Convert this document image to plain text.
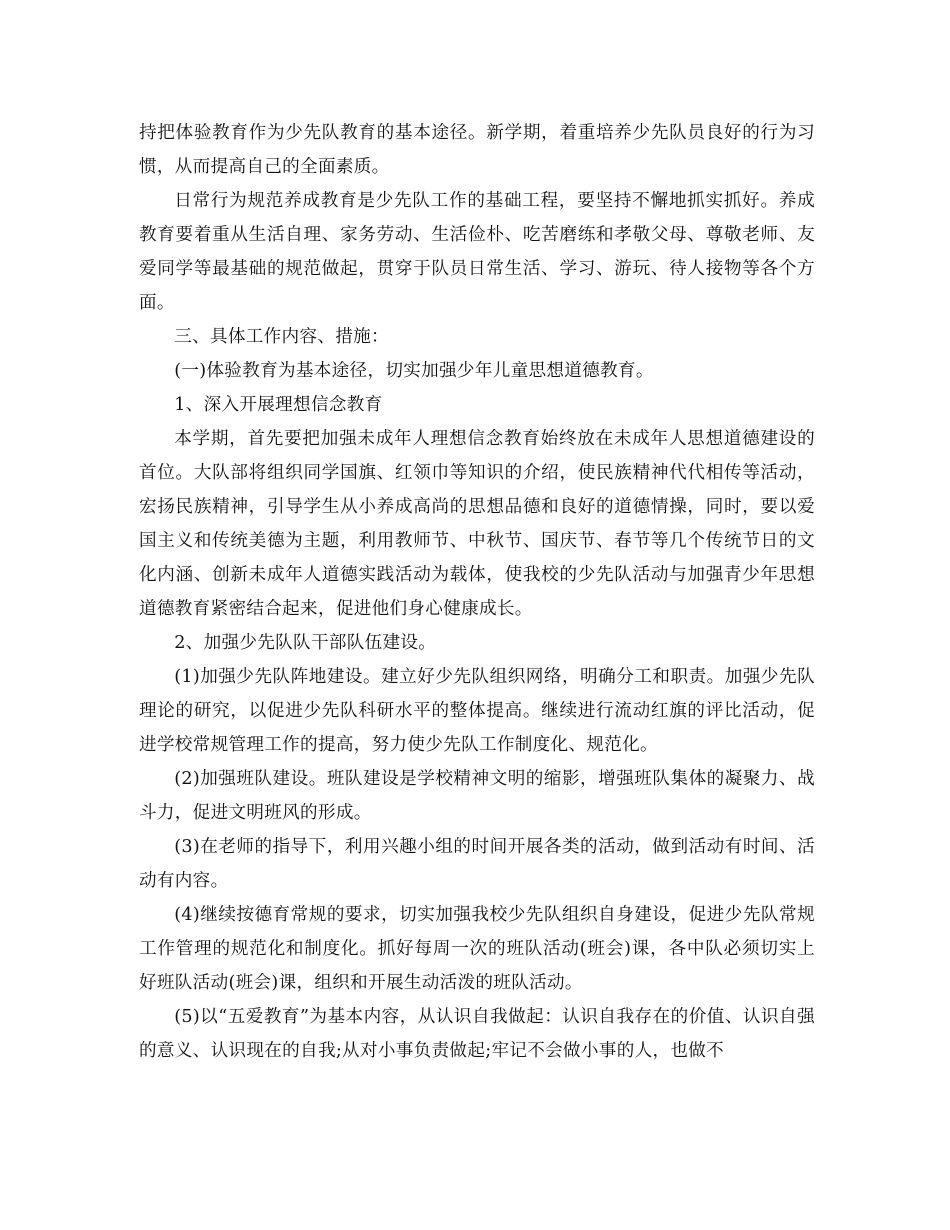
持把体验教育作为少先队教育的基本途径。新学期，着重培养少先队员良好的行为习惯，从而提高自己的全面素质。

日常行为规范养成教育是少先队工作的基础工程，要坚持不懈地抓实抓好。养成教育要着重从生活自理、家务劳动、生活俭朴、吃苦磨练和孝敬父母、尊敬老师、友爱同学等最基础的规范做起，贯穿于队员日常生活、学习、游玩、待人接物等各个方面。

三、具体工作内容、措施：

(一)体验教育为基本途径，切实加强少年儿童思想道德教育。

1、深入开展理想信念教育

本学期，首先要把加强未成年人理想信念教育始终放在未成年人思想道德建设的首位。大队部将组织同学国旗、红领巾等知识的介绍，使民族精神代代相传等活动，宏扬民族精神，引导学生从小养成高尚的思想品德和良好的道德情操，同时，要以爱国主义和传统美德为主题，利用教师节、中秋节、国庆节、春节等几个传统节日的文化内涵、创新未成年人道德实践活动为载体，使我校的少先队活动与加强青少年思想道德教育紧密结合起来，促进他们身心健康成长。

2、加强少先队队干部队伍建设。

(1)加强少先队阵地建设。建立好少先队组织网络，明确分工和职责。加强少先队理论的研究，以促进少先队科研水平的整体提高。继续进行流动红旗的评比活动，促进学校常规管理工作的提高，努力使少先队工作制度化、规范化。

(2)加强班队建设。班队建设是学校精神文明的缩影，增强班队集体的凝聚力、战斗力，促进文明班风的形成。

(3)在老师的指导下，利用兴趣小组的时间开展各类的活动，做到活动有时间、活动有内容。

(4)继续按德育常规的要求，切实加强我校少先队组织自身建设，促进少先队常规工作管理的规范化和制度化。抓好每周一次的班队活动(班会)课，各中队必须切实上好班队活动(班会)课，组织和开展生动活泼的班队活动。

(5)以“五爱教育”为基本内容，从认识自我做起：认识自我存在的价值、认识自强的意义、认识现在的自我;从对小事负责做起;牢记不会做小事的人，也做不
